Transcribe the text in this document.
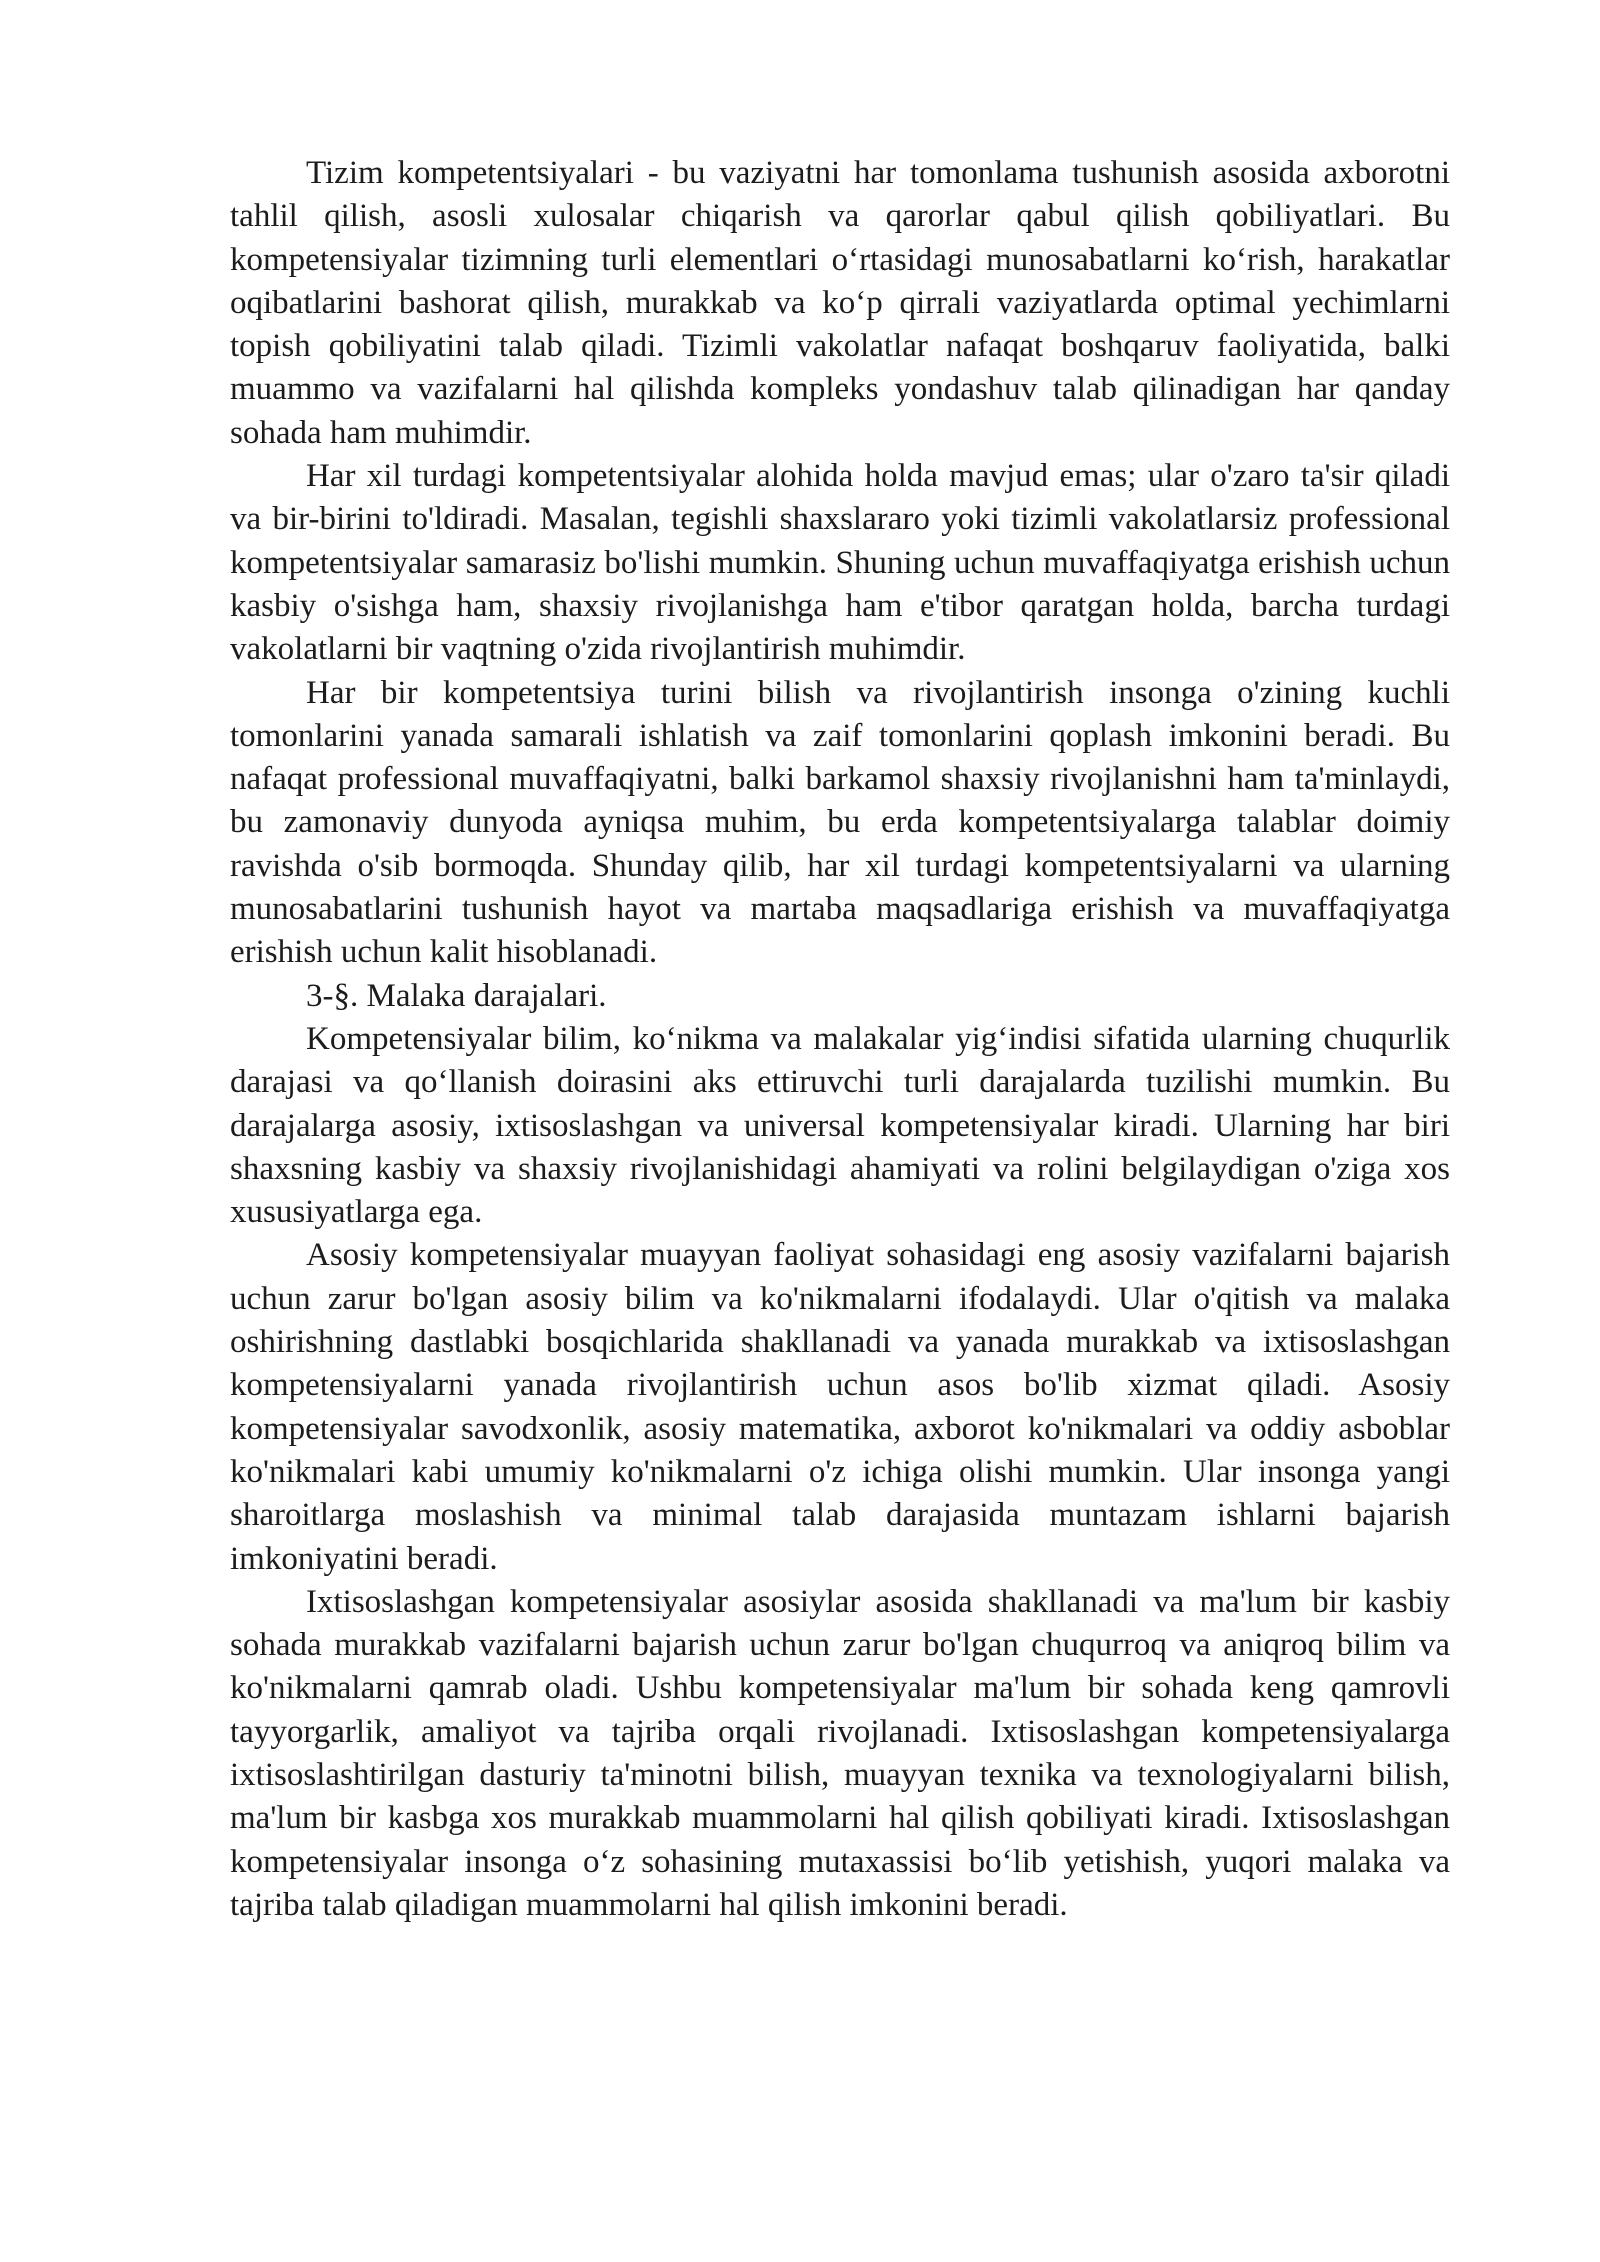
Tizim kompetentsiyalari - bu vaziyatni har tomonlama tushunish asosida axborotni tahlil qilish, asosli xulosalar chiqarish va qarorlar qabul qilish qobiliyatlari. Bu kompetensiyalar tizimning turli elementlari o‘rtasidagi munosabatlarni ko‘rish, harakatlar oqibatlarini bashorat qilish, murakkab va ko‘p qirrali vaziyatlarda optimal yechimlarni topish qobiliyatini talab qiladi. Tizimli vakolatlar nafaqat boshqaruv faoliyatida, balki muammo va vazifalarni hal qilishda kompleks yondashuv talab qilinadigan har qanday sohada ham muhimdir.

Har xil turdagi kompetentsiyalar alohida holda mavjud emas; ular o'zaro ta'sir qiladi va bir-birini to'ldiradi. Masalan, tegishli shaxslararo yoki tizimli vakolatlarsiz professional kompetentsiyalar samarasiz bo'lishi mumkin. Shuning uchun muvaffaqiyatga erishish uchun kasbiy o'sishga ham, shaxsiy rivojlanishga ham e'tibor qaratgan holda, barcha turdagi vakolatlarni bir vaqtning o'zida rivojlantirish muhimdir.

Har bir kompetentsiya turini bilish va rivojlantirish insonga o'zining kuchli tomonlarini yanada samarali ishlatish va zaif tomonlarini qoplash imkonini beradi. Bu nafaqat professional muvaffaqiyatni, balki barkamol shaxsiy rivojlanishni ham ta'minlaydi, bu zamonaviy dunyoda ayniqsa muhim, bu erda kompetentsiyalarga talablar doimiy ravishda o'sib bormoqda. Shunday qilib, har xil turdagi kompetentsiyalarni va ularning munosabatlarini tushunish hayot va martaba maqsadlariga erishish va muvaffaqiyatga erishish uchun kalit hisoblanadi.

3-§. Malaka darajalari.

Kompetensiyalar bilim, ko‘nikma va malakalar yig‘indisi sifatida ularning chuqurlik darajasi va qo‘llanish doirasini aks ettiruvchi turli darajalarda tuzilishi mumkin. Bu darajalarga asosiy, ixtisoslashgan va universal kompetensiyalar kiradi. Ularning har biri shaxsning kasbiy va shaxsiy rivojlanishidagi ahamiyati va rolini belgilaydigan o'ziga xos xususiyatlarga ega.

Asosiy kompetensiyalar muayyan faoliyat sohasidagi eng asosiy vazifalarni bajarish uchun zarur bo'lgan asosiy bilim va ko'nikmalarni ifodalaydi. Ular o'qitish va malaka oshirishning dastlabki bosqichlarida shakllanadi va yanada murakkab va ixtisoslashgan kompetensiyalarni yanada rivojlantirish uchun asos bo'lib xizmat qiladi. Asosiy kompetensiyalar savodxonlik, asosiy matematika, axborot ko'nikmalari va oddiy asboblar ko'nikmalari kabi umumiy ko'nikmalarni o'z ichiga olishi mumkin. Ular insonga yangi sharoitlarga moslashish va minimal talab darajasida muntazam ishlarni bajarish imkoniyatini beradi.

Ixtisoslashgan kompetensiyalar asosiylar asosida shakllanadi va ma'lum bir kasbiy sohada murakkab vazifalarni bajarish uchun zarur bo'lgan chuqurroq va aniqroq bilim va ko'nikmalarni qamrab oladi. Ushbu kompetensiyalar ma'lum bir sohada keng qamrovli tayyorgarlik, amaliyot va tajriba orqali rivojlanadi. Ixtisoslashgan kompetensiyalarga ixtisoslashtirilgan dasturiy ta'minotni bilish, muayyan texnika va texnologiyalarni bilish, ma'lum bir kasbga xos murakkab muammolarni hal qilish qobiliyati kiradi. Ixtisoslashgan kompetensiyalar insonga o‘z sohasining mutaxassisi bo‘lib yetishish, yuqori malaka va tajriba talab qiladigan muammolarni hal qilish imkonini beradi.
